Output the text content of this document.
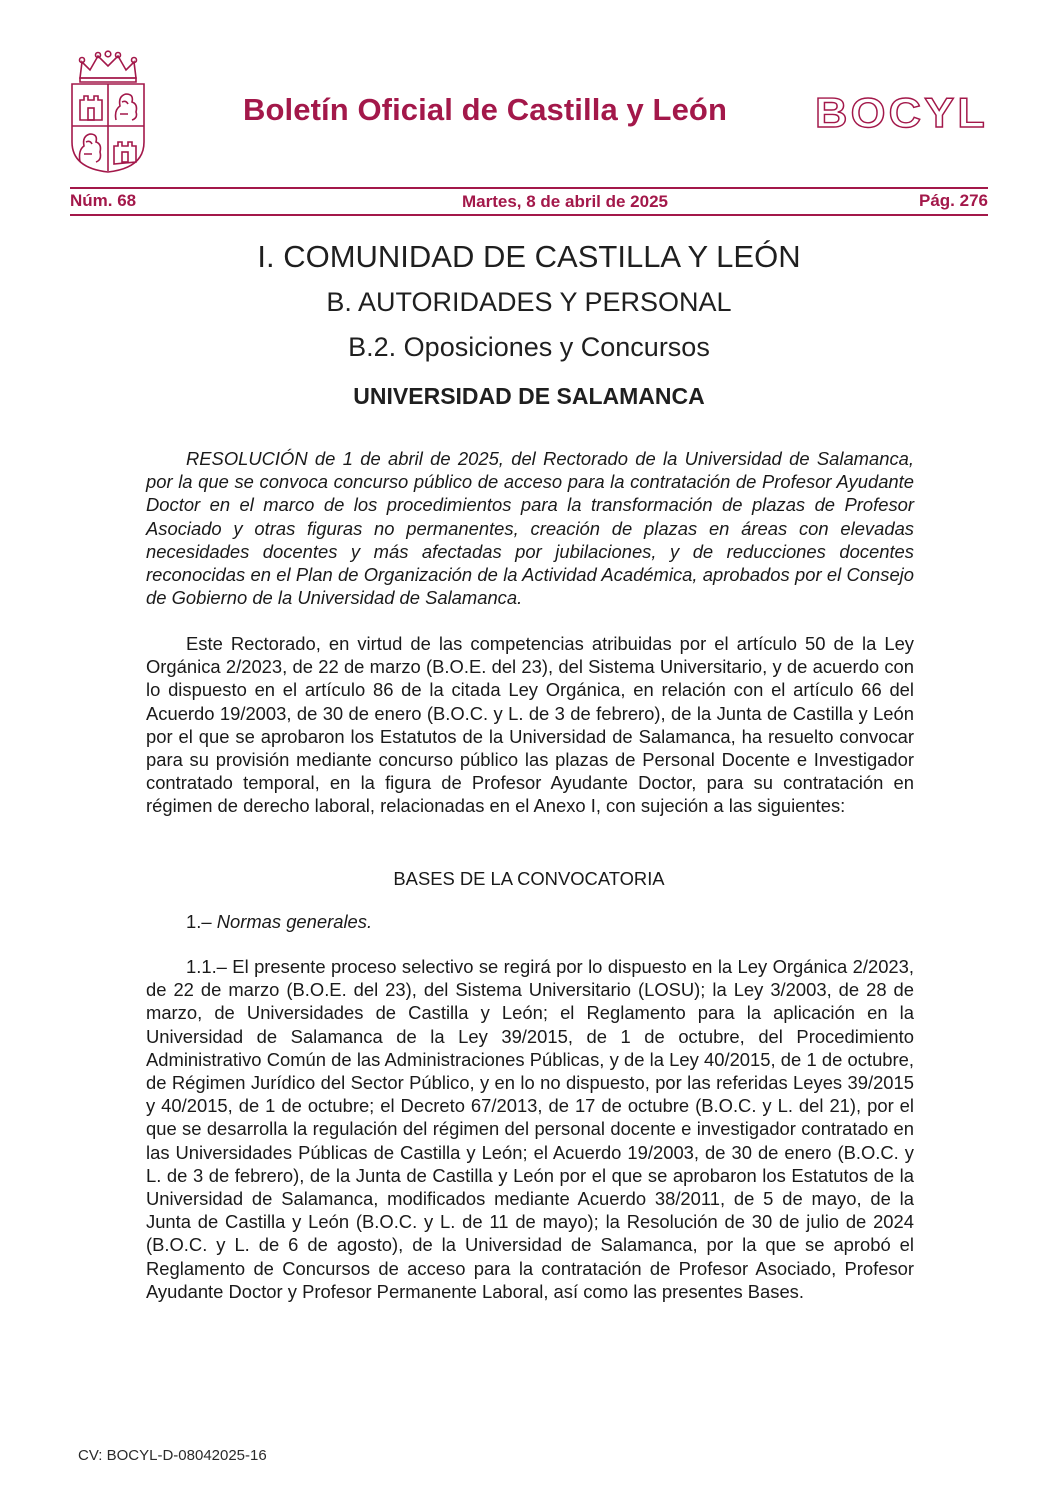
Boletín Oficial de Castilla y León BOCYL
Núm. 68	Martes, 8 de abril de 2025	Pág. 276
I. COMUNIDAD DE CASTILLA Y LEÓN
B. AUTORIDADES Y PERSONAL
B.2. Oposiciones y Concursos
UNIVERSIDAD DE SALAMANCA

RESOLUCIÓN de 1 de abril de 2025, del Rectorado de la Universidad de Salamanca, por la que se convoca concurso público de acceso para la contratación de Profesor Ayudante Doctor en el marco de los procedimientos para la transformación de plazas de Profesor Asociado y otras figuras no permanentes, creación de plazas en áreas con elevadas necesidades docentes y más afectadas por jubilaciones, y de reducciones docentes reconocidas en el Plan de Organización de la Actividad Académica, aprobados por el Consejo de Gobierno de la Universidad de Salamanca.

Este Rectorado, en virtud de las competencias atribuidas por el artículo 50 de la Ley Orgánica 2/2023, de 22 de marzo (B.O.E. del 23), del Sistema Universitario, y de acuerdo con lo dispuesto en el artículo 86 de la citada Ley Orgánica, en relación con el artículo 66 del Acuerdo 19/2003, de 30 de enero (B.O.C. y L. de 3 de febrero), de la Junta de Castilla y León por el que se aprobaron los Estatutos de la Universidad de Salamanca, ha resuelto convocar para su provisión mediante concurso público las plazas de Personal Docente e Investigador contratado temporal, en la figura de Profesor Ayudante Doctor, para su contratación en régimen de derecho laboral, relacionadas en el Anexo I, con sujeción a las siguientes:

BASES DE LA CONVOCATORIA
1.– Normas generales.

1.1.– El presente proceso selectivo se regirá por lo dispuesto en la Ley Orgánica 2/2023, de 22 de marzo (B.O.E. del 23), del Sistema Universitario (LOSU); la Ley 3/2003, de 28 de marzo, de Universidades de Castilla y León; el Reglamento para la aplicación en la Universidad de Salamanca de la Ley 39/2015, de 1 de octubre, del Procedimiento Administrativo Común de las Administraciones Públicas, y de la Ley 40/2015, de 1 de octubre, de Régimen Jurídico del Sector Público, y en lo no dispuesto, por las referidas Leyes 39/2015 y 40/2015, de 1 de octubre; el Decreto 67/2013, de 17 de octubre (B.O.C. y L. del 21), por el que se desarrolla la regulación del régimen del personal docente e investigador contratado en las Universidades Públicas de Castilla y León; el Acuerdo 19/2003, de 30 de enero (B.O.C. y L. de 3 de febrero), de la Junta de Castilla y León por el que se aprobaron los Estatutos de la Universidad de Salamanca, modificados mediante Acuerdo 38/2011, de 5 de mayo, de la Junta de Castilla y León (B.O.C. y L. de 11 de mayo); la Resolución de 30 de julio de 2024 (B.O.C. y L. de 6 de agosto), de la Universidad de Salamanca, por la que se aprobó el Reglamento de Concursos de acceso para la contratación de Profesor Asociado, Profesor Ayudante Doctor y Profesor Permanente Laboral, así como las presentes Bases.

CV: BOCYL-D-08042025-16
